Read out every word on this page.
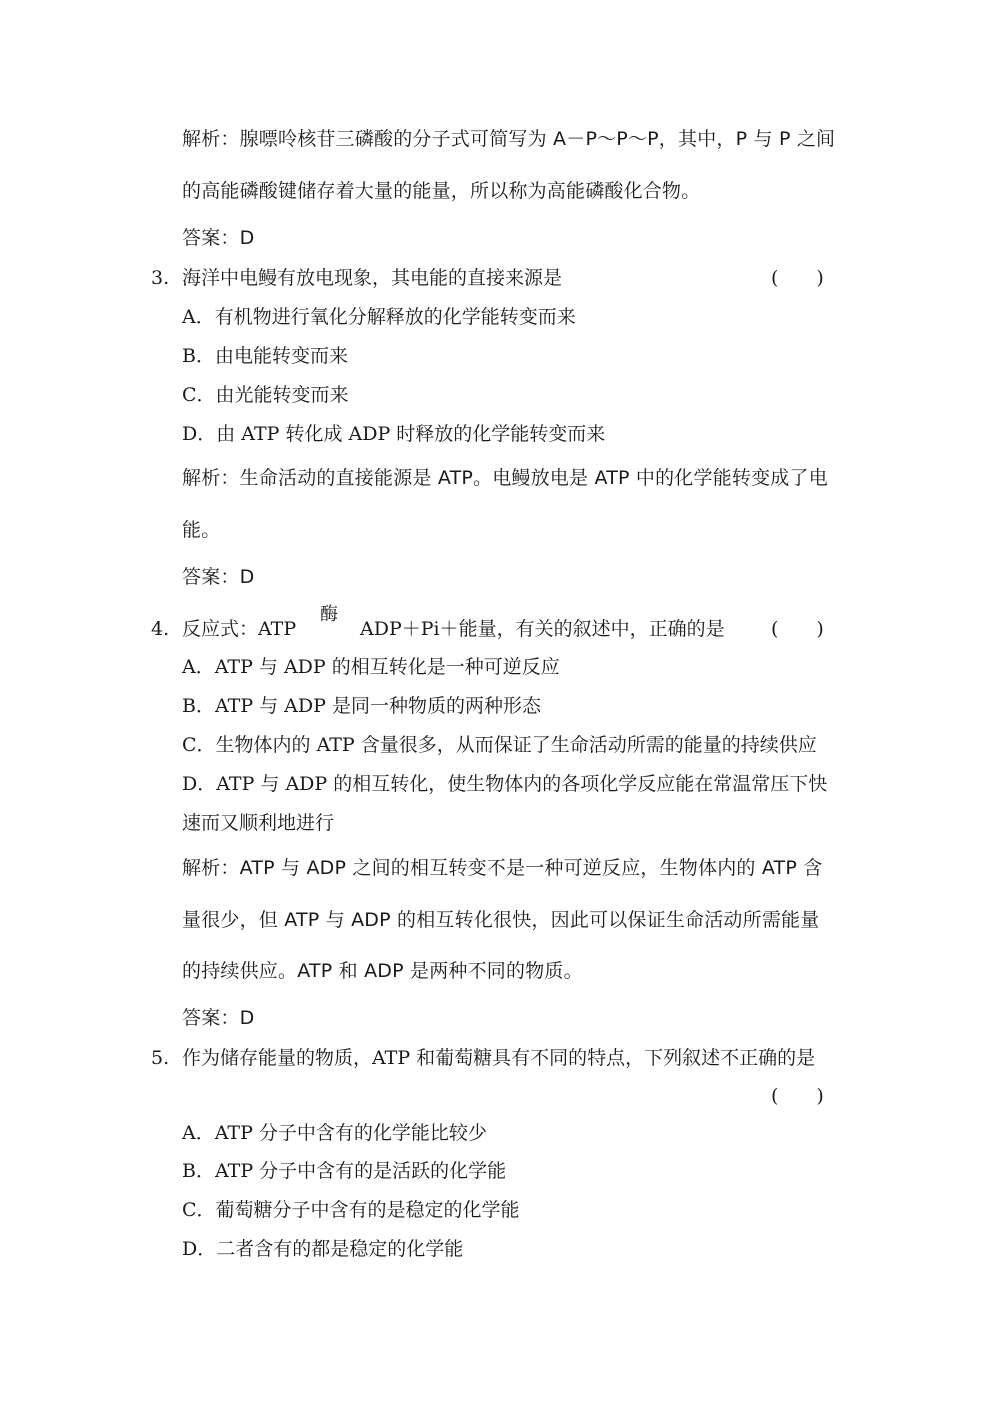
解析：腺嘌呤核苷三磷酸的分子式可简写为 A－P～P～P，其中，P 与 P 之间
的高能磷酸键储存着大量的能量，所以称为高能磷酸化合物。
答案：D
3. 海洋中电鳗有放电现象，其电能的直接来源是	(　　)
A．有机物进行氧化分解释放的化学能转变而来
B．由电能转变而来
C．由光能转变而来
D．由 ATP 转化成 ADP 时释放的化学能转变而来
解析：生命活动的直接能源是 ATP。电鳗放电是 ATP 中的化学能转变成了电
能。
答案：D
4. 反应式：ATP
酶
ADP＋Pi＋能量，有关的叙述中，正确的是 (　　)
A．ATP 与 ADP 的相互转化是一种可逆反应
B．ATP 与 ADP 是同一种物质的两种形态
C．生物体内的 ATP 含量很多，从而保证了生命活动所需的能量的持续供应
D．ATP 与 ADP 的相互转化，使生物体内的各项化学反应能在常温常压下快
速而又顺利地进行
解析：ATP 与 ADP 之间的相互转变不是一种可逆反应，生物体内的 ATP 含
量很少，但 ATP 与 ADP 的相互转化很快，因此可以保证生命活动所需能量
的持续供应。ATP 和 ADP 是两种不同的物质。
答案：D
5. 作为储存能量的物质，ATP 和葡萄糖具有不同的特点，下列叙述不正确的是
(　　)
A．ATP 分子中含有的化学能比较少
B．ATP 分子中含有的是活跃的化学能
C．葡萄糖分子中含有的是稳定的化学能
D．二者含有的都是稳定的化学能
